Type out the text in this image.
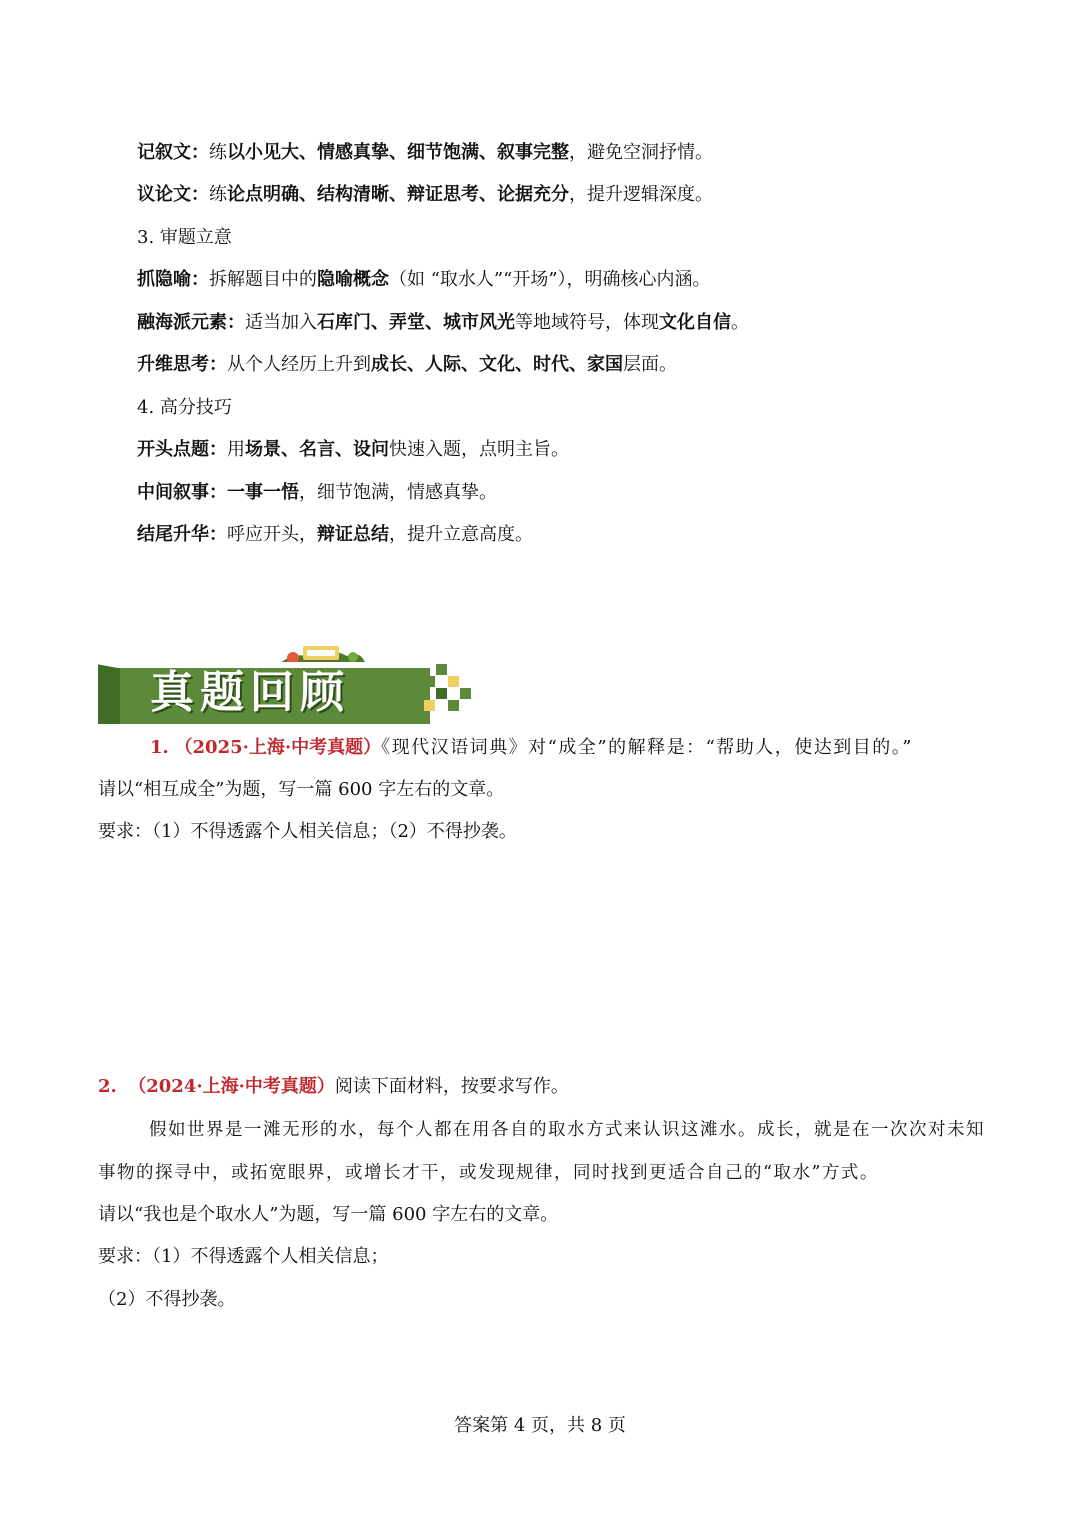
记叙文：练以小见大、情感真挚、细节饱满、叙事完整，避免空洞抒情。
议论文：练论点明确、结构清晰、辩证思考、论据充分，提升逻辑深度。
3. 审题立意
抓隐喻：拆解题目中的隐喻概念（如 “取水人”“开场”），明确核心内涵。
融海派元素：适当加入石库门、弄堂、城市风光等地域符号，体现文化自信。
升维思考：从个人经历上升到成长、人际、文化、时代、家国层面。
4. 高分技巧
开头点题：用场景、名言、设问快速入题，点明主旨。
中间叙事：一事一悟，细节饱满，情感真挚。
结尾升华：呼应开头，辩证总结，提升立意高度。
真题回顾
1. （2025·上海·中考真题）《现代汉语词典》对“成全”的解释是：“帮助人，使达到目的。”
请以“相互成全”为题，写一篇 600 字左右的文章。
要求：（1）不得透露个人相关信息；（2）不得抄袭。
2. （2024·上海·中考真题）阅读下面材料，按要求写作。
假如世界是一滩无形的水，每个人都在用各自的取水方式来认识这滩水。成长，就是在一次次对未知
事物的探寻中，或拓宽眼界，或增长才干，或发现规律，同时找到更适合自己的“取水”方式。
请以“我也是个取水人”为题，写一篇 600 字左右的文章。
要求：（1）不得透露个人相关信息；
（2）不得抄袭。
答案第 4 页，共 8 页
